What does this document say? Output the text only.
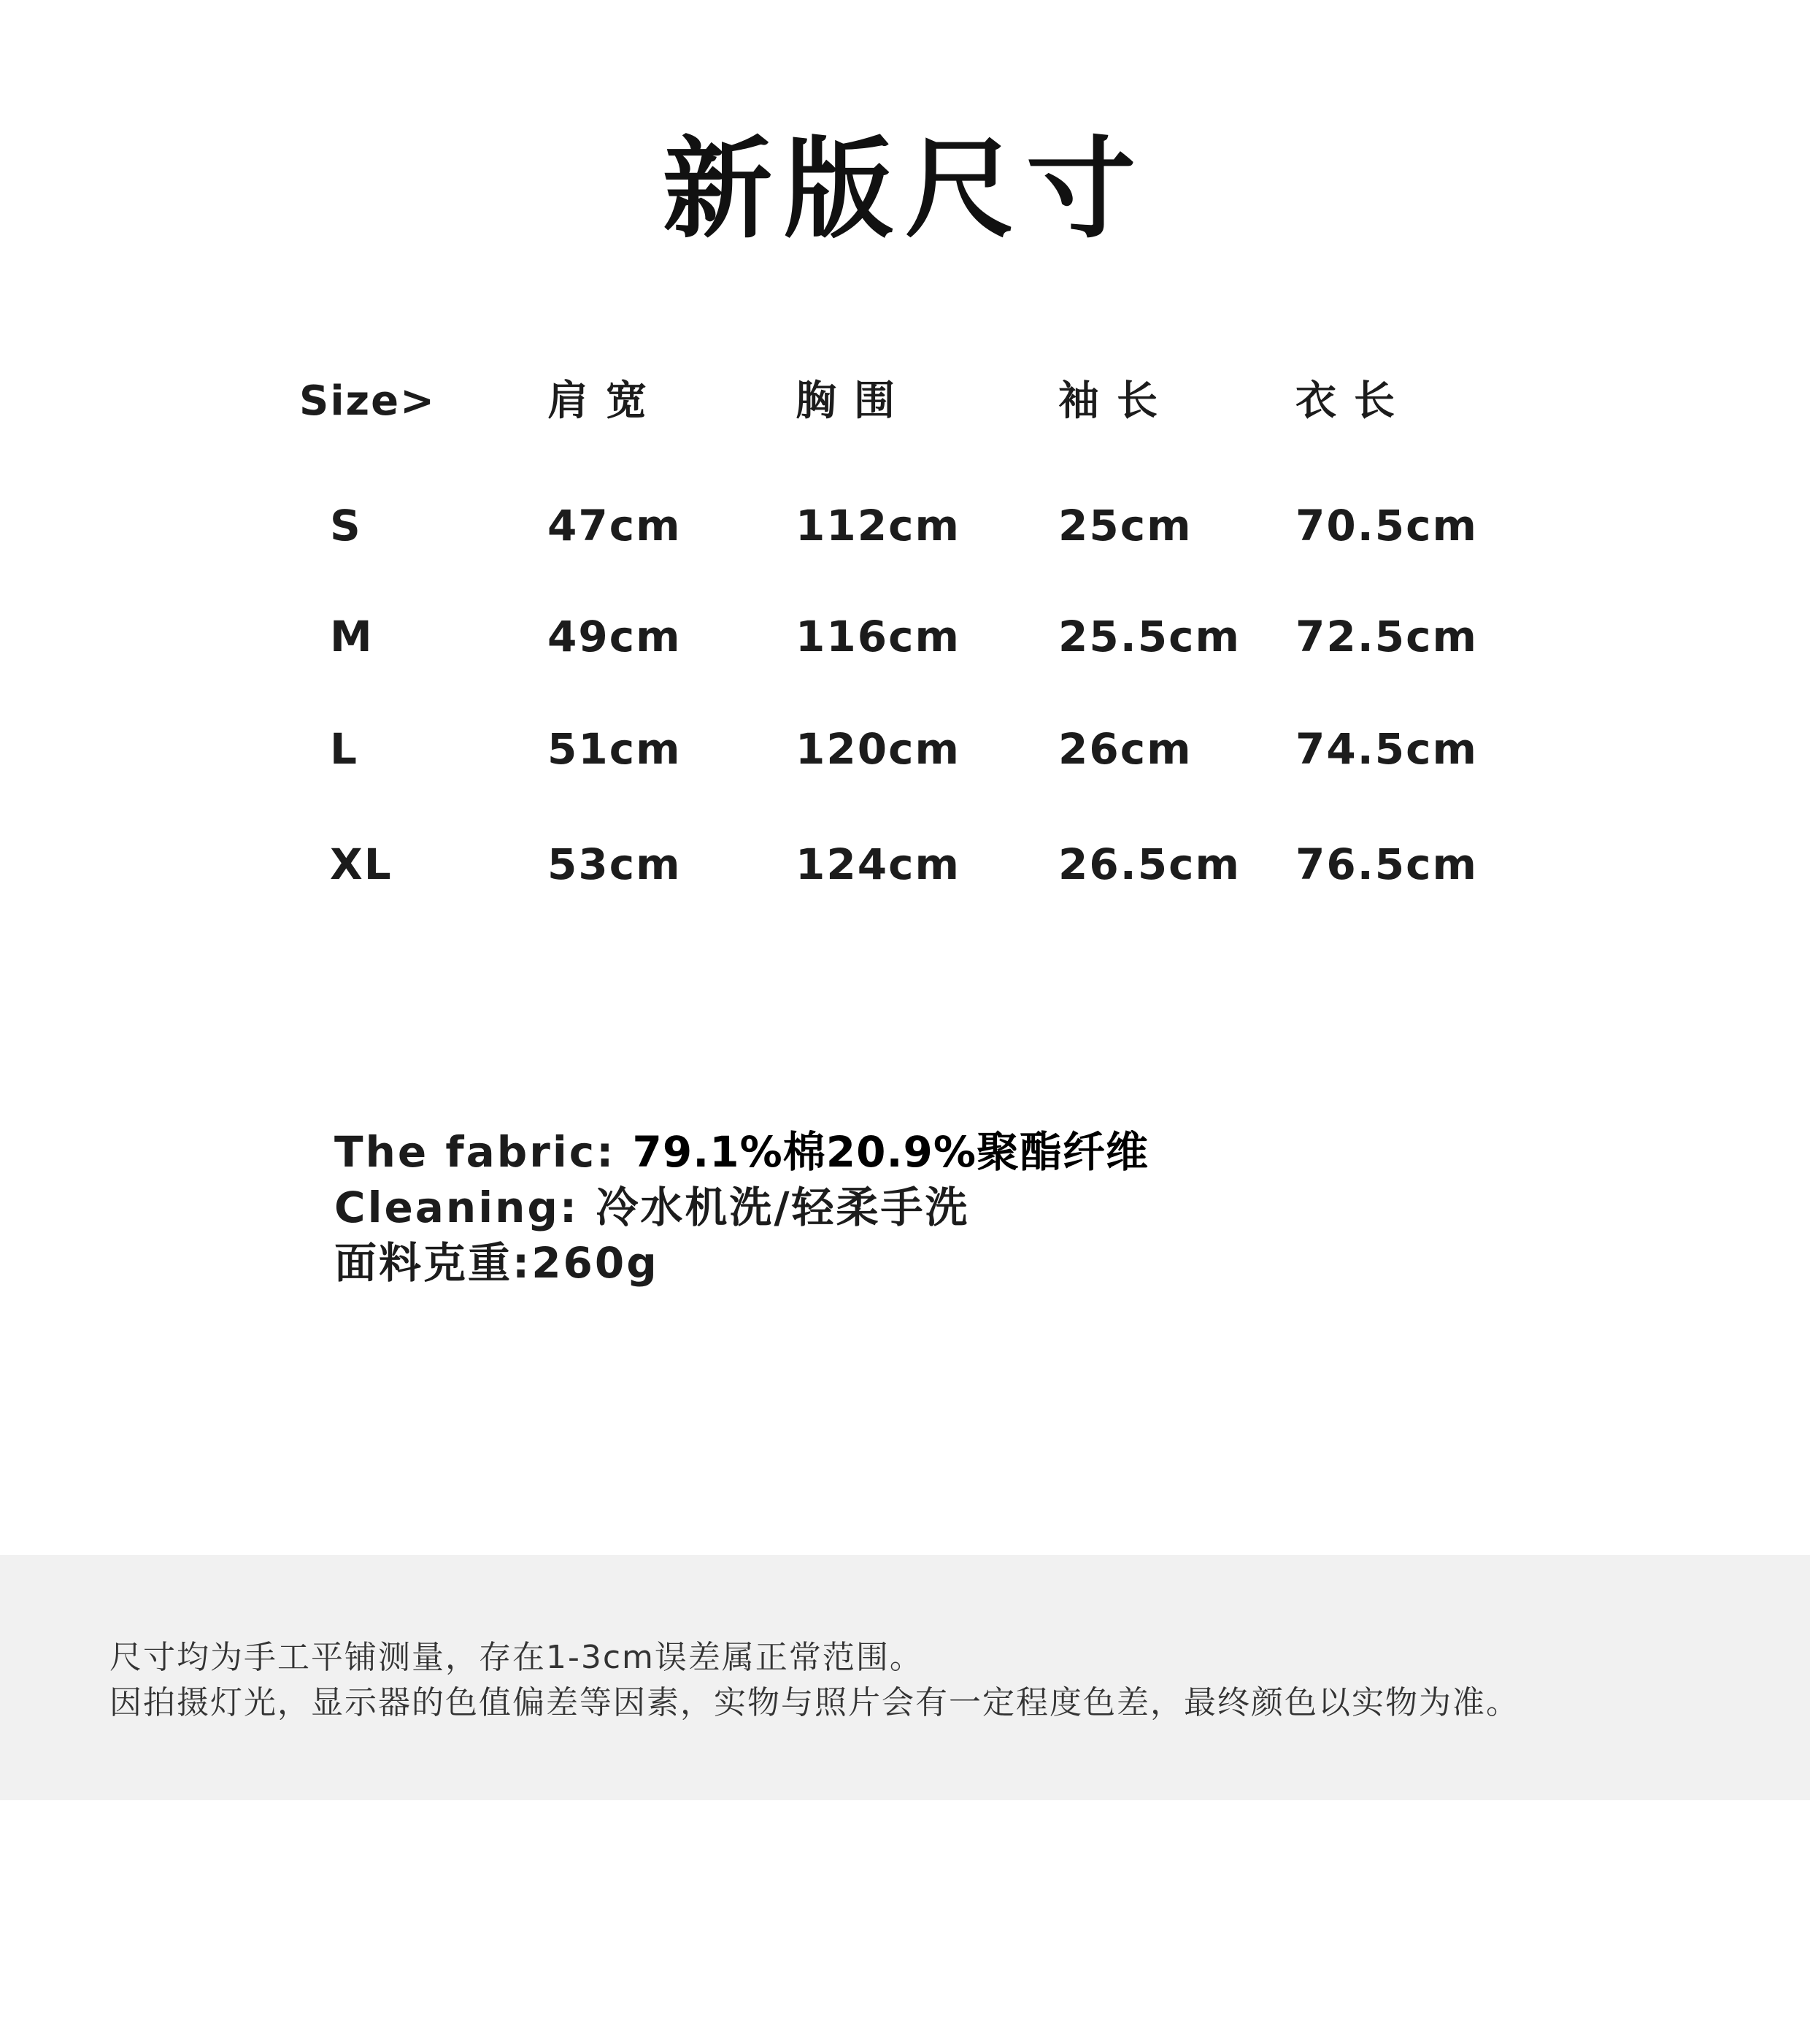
新版尺寸
Size>	肩宽	胸围	袖长	衣长
S	47cm	112cm 25cm 70.5cm
M	49cm	116cm 25.5cm 72.5cm
L	51cm	120cm 26cm 74.5cm
XL	53cm	124cm 26.5cm 76.5cm
The fabric: 79.1%棉20.9%聚酯纤维
Cleaning: 冷水机洗/轻柔手洗
面料克重:260g
尺寸均为手工平铺测量，存在1-3cm误差属正常范围。
因拍摄灯光，显示器的色值偏差等因素，实物与照片会有一定程度色差，最终颜色以实物为准。
